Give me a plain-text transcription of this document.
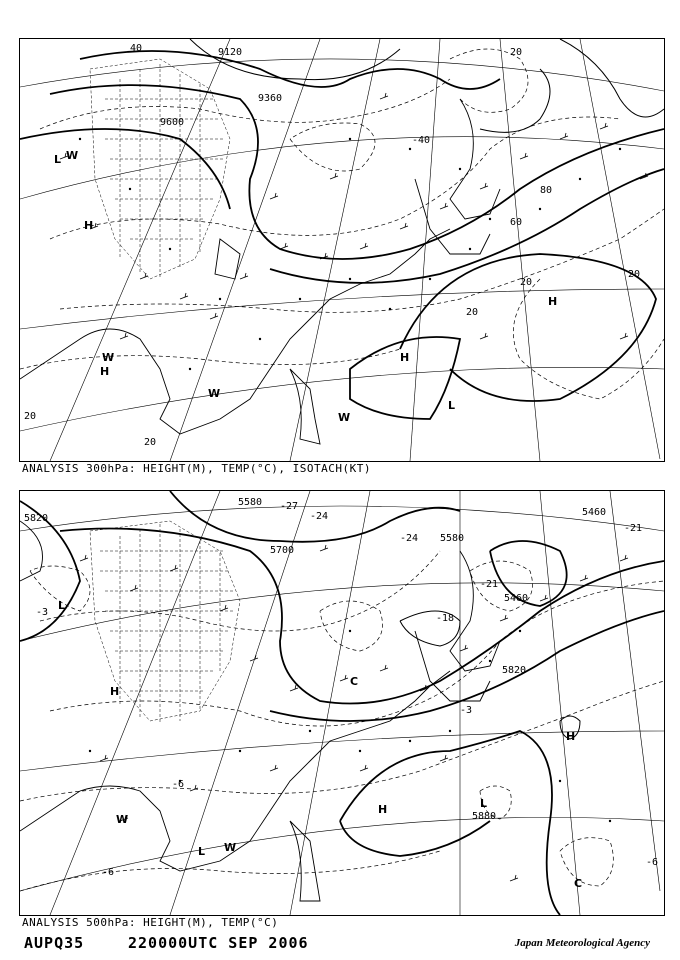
9120
9360
9600
40	20
80
60
-40
20
20
20
20
20
L W
H
W
H
W
H
W
H
L
ANALYSIS 300hPa: HEIGHT(M), TEMP(°C), ISOTACH(KT)
5820
5580
5700
5460
5580
5820
5460
5880
-27
-24
-21
-3
-24
-21
-18
-6
-3
-6
-6
L
H
C
H
L W
W
H
L
C
ANALYSIS 500hPa: HEIGHT(M), TEMP(°C)
AUPQ35	220000UTC SEP 2006	Japan Meteorological Agency
